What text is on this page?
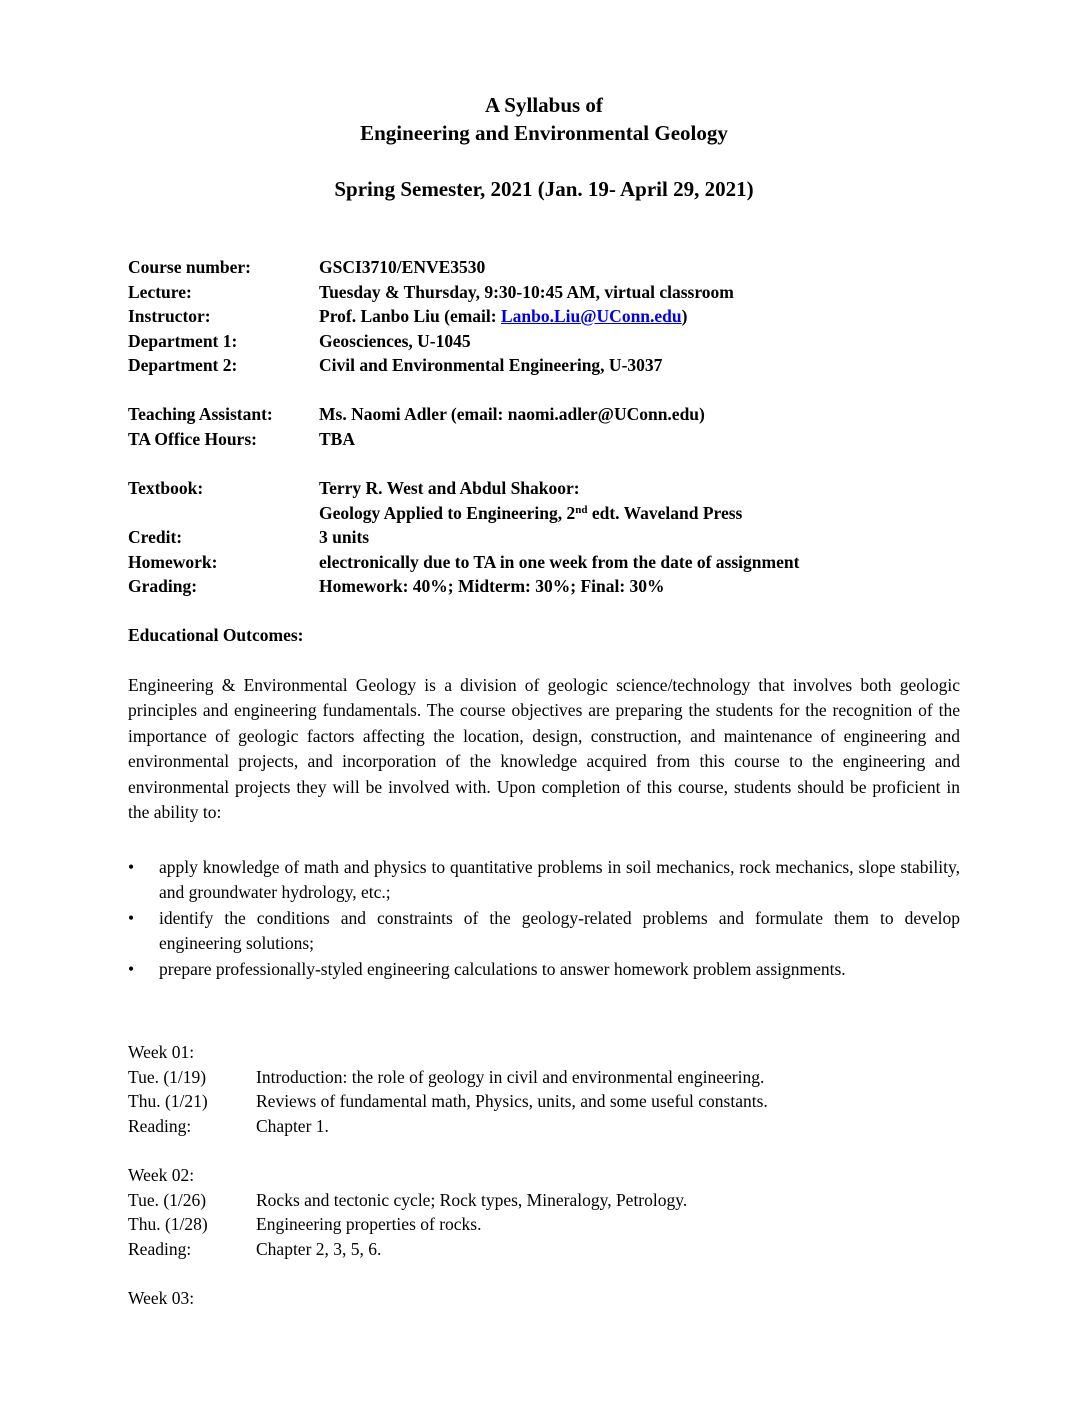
A Syllabus of
Engineering and Environmental Geology
Spring Semester, 2021 (Jan. 19- April 29, 2021)
Course number:	GSCI3710/ENVE3530
Lecture:	Tuesday & Thursday, 9:30-10:45 AM, virtual classroom
Instructor:	Prof. Lanbo Liu (email: Lanbo.Liu@UConn.edu)
Department 1:	Geosciences, U-1045
Department 2:	Civil and Environmental Engineering, U-3037
Teaching Assistant:	Ms. Naomi Adler (email: naomi.adler@UConn.edu)
TA Office Hours:	TBA
Textbook:	Terry R. West and Abdul Shakoor:
Geology Applied to Engineering, 2nd edt. Waveland Press
Credit:	3 units
Homework:	electronically due to TA in one week from the date of assignment
Grading:	Homework: 40%; Midterm: 30%; Final: 30%
Educational Outcomes:
Engineering & Environmental Geology is a division of geologic science/technology that involves both geologic principles and engineering fundamentals. The course objectives are preparing the students for the recognition of the importance of geologic factors affecting the location, design, construction, and maintenance of engineering and environmental projects, and incorporation of the knowledge acquired from this course to the engineering and environmental projects they will be involved with. Upon completion of this course, students should be proficient in the ability to:
• apply knowledge of math and physics to quantitative problems in soil mechanics, rock mechanics, slope stability, and groundwater hydrology, etc.;
• identify the conditions and constraints of the geology-related problems and formulate them to develop engineering solutions;
• prepare professionally-styled engineering calculations to answer homework problem assignments.
Week 01:
Tue. (1/19)	Introduction: the role of geology in civil and environmental engineering.
Thu. (1/21)	Reviews of fundamental math, Physics, units, and some useful constants.
Reading:	Chapter 1.
Week 02:
Tue. (1/26)	Rocks and tectonic cycle; Rock types, Mineralogy, Petrology.
Thu. (1/28)	Engineering properties of rocks.
Reading:	Chapter 2, 3, 5, 6.
Week 03:
